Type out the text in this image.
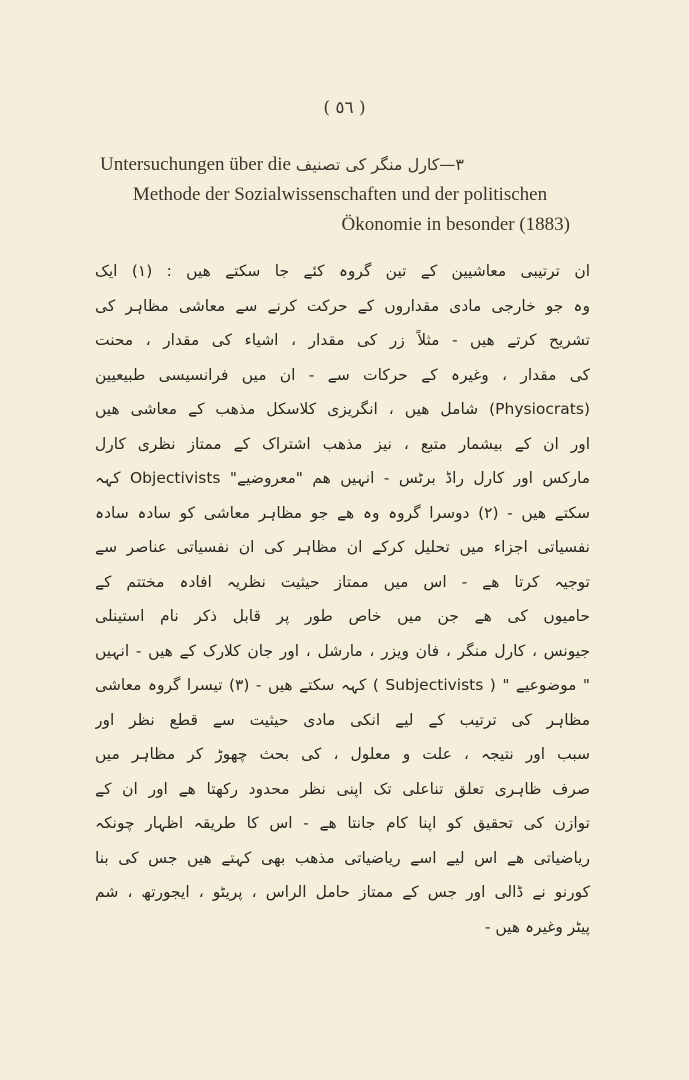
( ٥٦ )
Untersuchungen über die ۳—کارل منگر کی تصنیف
Methode der Sozialwissenschaften und der politischen
Ökonomie in besonder (1883)
ان ترتیبی معاشیین کے تین گروہ کئے جا سکتے ھیں : (۱) ایک
وہ جو خارجی مادی مقداروں کے حرکت کرنے سے معاشی مظاہر کی
تشریح کرتے ھیں - مثلاً زر کی مقدار ، اشیاء کی مقدار ، محنت
کی مقدار ، وغیرہ کے حرکات سے - ان میں فرانسیسی طبیعیین
(Physiocrats) شامل ھیں ، انگریزی کلاسکل مذھب کے معاشی ھیں
اور ان کے بیشمار متبع ، نیز مذھب اشتراک کے ممتاز نظری کارل
مارکس اور کارل راڈ برٹس - انہیں ھم "معروضیے" Objectivists کہہ
سکتے ھیں - (۲) دوسرا گروہ وہ ھے جو مظاہر معاشی کو سادہ سادہ
نفسیاتی اجزاء میں تحلیل کرکے ان مظاہر کی ان نفسیاتی عناصر سے
توجیہ کرتا ھے - اس میں ممتاز حیثیت نظریہ افادہ مختتم کے
حامیوں کی ھے جن میں خاص طور پر قابل ذکر نام استینلی
جیونس ، کارل منگر ، فان ویزر ، مارشل ، اور جان کلارک کے ھیں - انہیں
" موضوعیے " ( Subjectivists ) کہہ سکتے ھیں - (۳) تیسرا گروہ معاشی
مظاہر کی ترتیب کے لیے انکی مادی حیثیت سے قطع نظر اور
سبب اور نتیجہ ، علت و معلول ، کی بحث چھوڑ کر مظاہر میں
صرف ظاہری تعلق تناعلی تک اپنی نظر محدود رکھتا ھے اور ان کے
توازن کی تحقیق کو اپنا کام جانتا ھے - اس کا طریقہ اظہار چونکہ
ریاضیاتی ھے اس لیے اسے ریاضیاتی مذھب بھی کہتے ھیں جس کی بنا
کورنو نے ڈالی اور جس کے ممتاز حامل الراس ، پریٹو ، ایجورتھ ، شم
پیٹر وغیرہ ھیں -
